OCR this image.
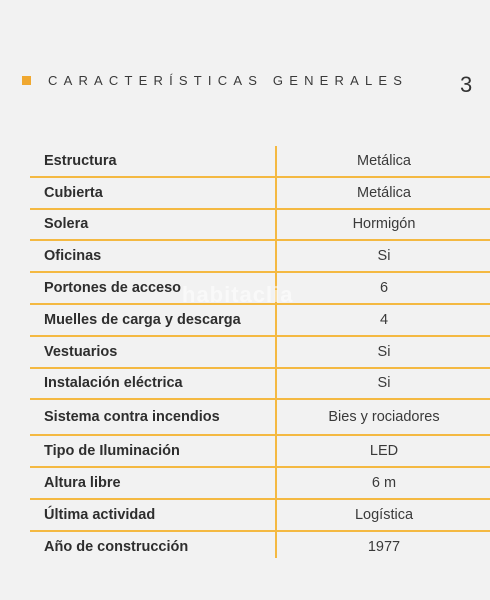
CARACTERÍSTICAS GENERALES 3
Estructura	Metálica
Cubierta	Metálica
Solera	Hormigón
Oficinas	Si
Portones de acceso	6
Muelles de carga y descarga	4
Vestuarios	Si
Instalación eléctrica	Si
Sistema contra incendios	Bies y rociadores
Tipo de Iluminación	LED
Altura libre	6 m
Última actividad	Logística
Año de construcción	1977
habitaclia
